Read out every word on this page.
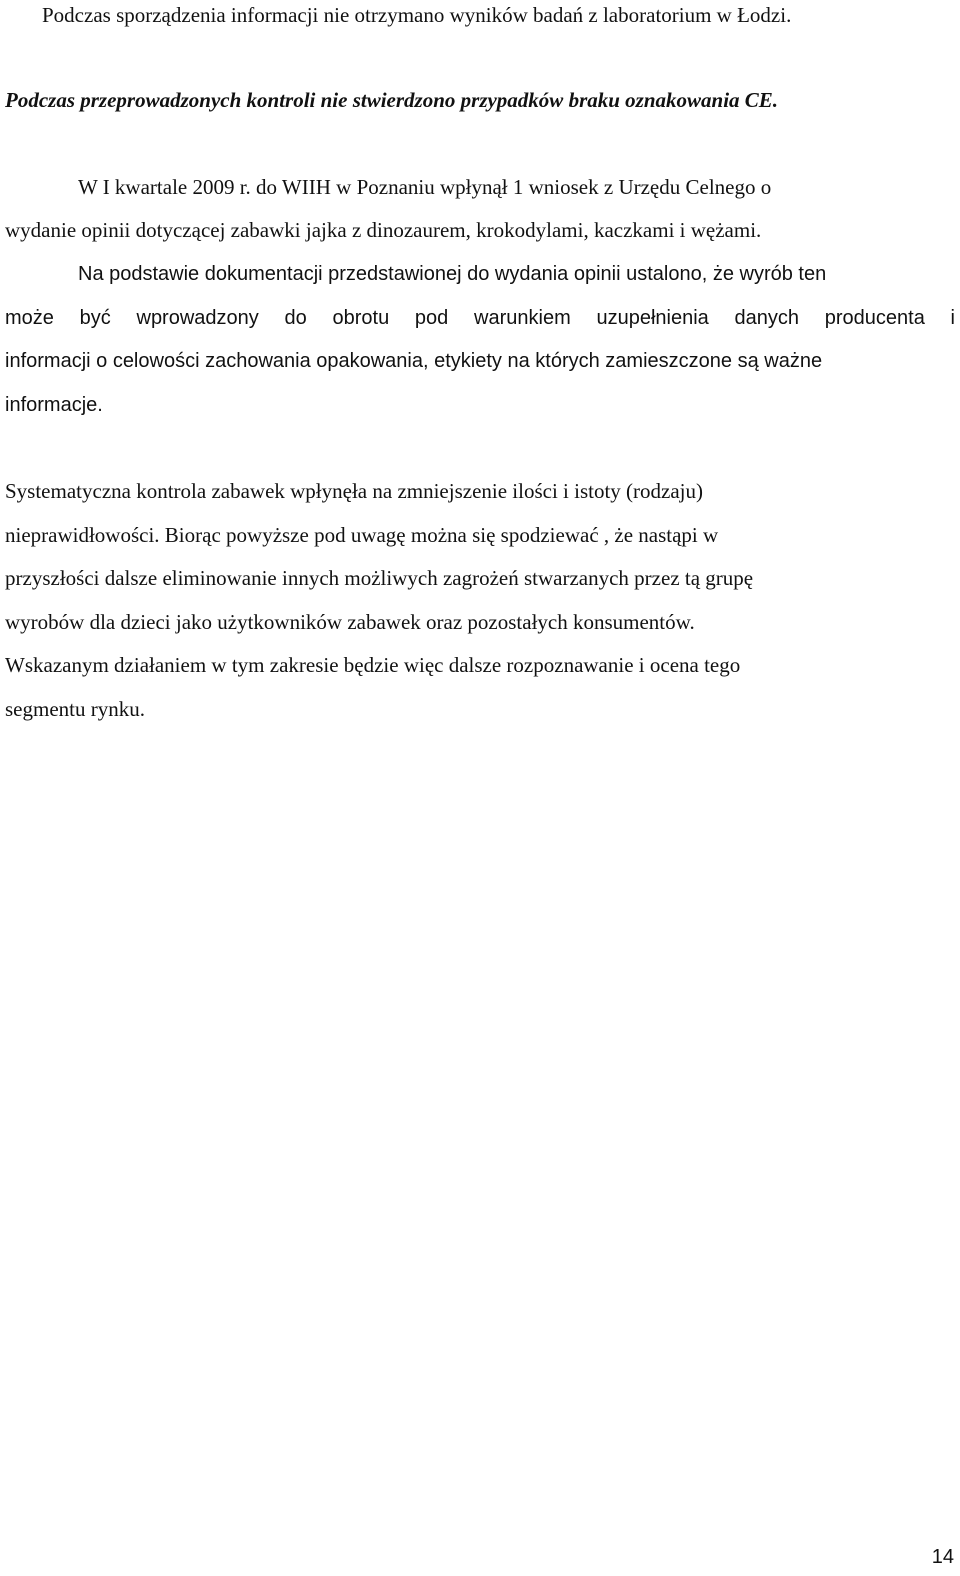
Podczas sporządzenia informacji nie otrzymano wyników badań z laboratorium w Łodzi.
Podczas przeprowadzonych kontroli nie stwierdzono przypadków braku oznakowania CE.
W I kwartale 2009 r. do WIIH w Poznaniu wpłynął 1 wniosek z Urzędu Celnego o
wydanie opinii dotyczącej zabawki jajka z dinozaurem, krokodylami, kaczkami i wężami.
Na podstawie dokumentacji przedstawionej do wydania opinii ustalono, że wyrób ten
może być wprowadzony do obrotu pod warunkiem uzupełnienia danych producenta i
informacji o celowości zachowania opakowania, etykiety na których zamieszczone są ważne
informacje.
Systematyczna kontrola zabawek wpłynęła na zmniejszenie ilości i istoty (rodzaju)
nieprawidłowości. Biorąc powyższe pod uwagę można się spodziewać , że nastąpi w
przyszłości dalsze eliminowanie innych możliwych zagrożeń stwarzanych przez tą grupę
wyrobów dla dzieci jako użytkowników zabawek oraz pozostałych konsumentów.
Wskazanym działaniem w tym zakresie będzie więc dalsze rozpoznawanie i ocena tego
segmentu rynku.
14
